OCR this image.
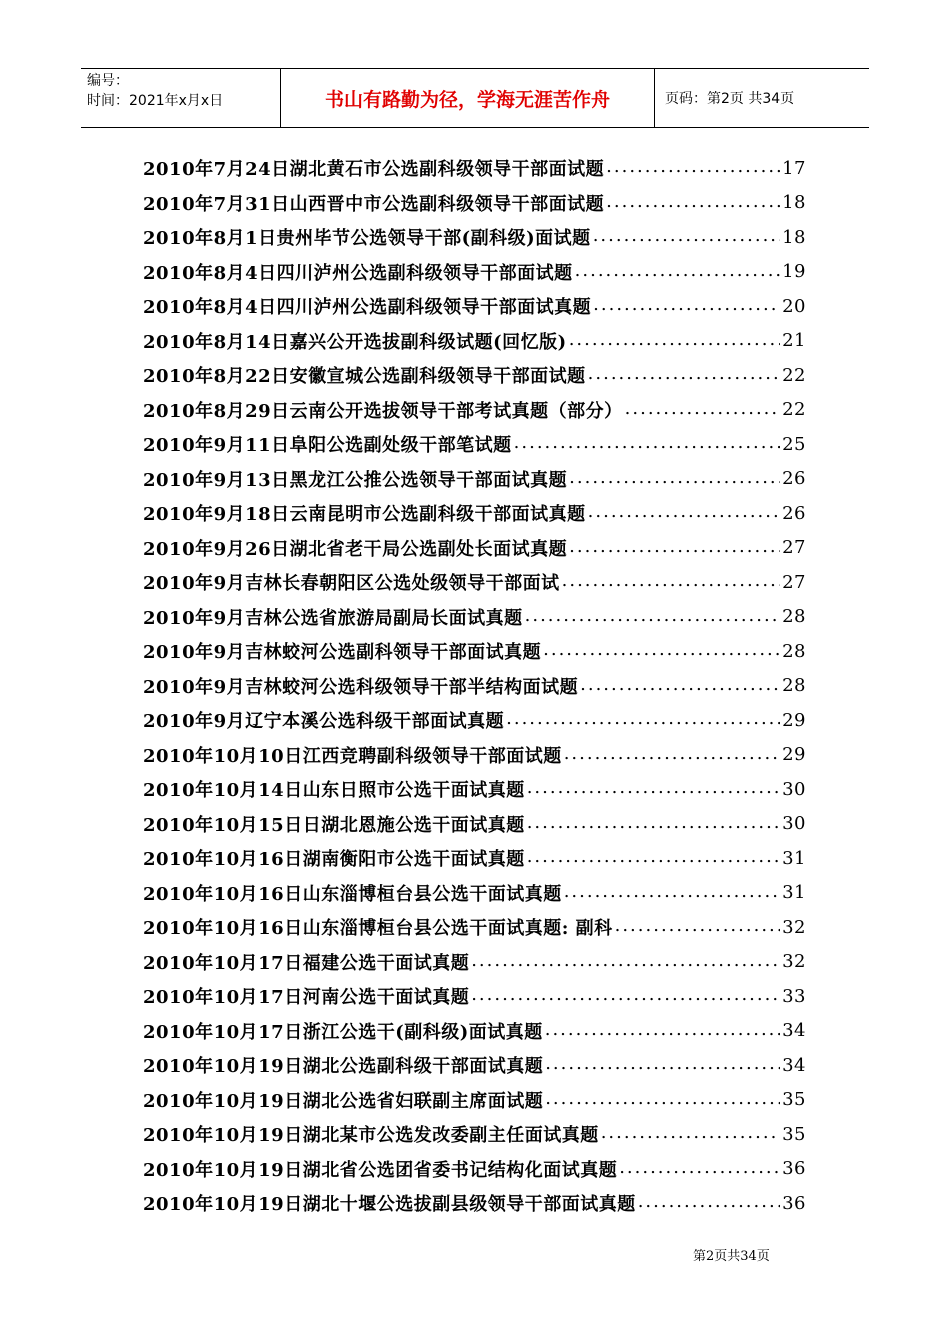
编号：
时间：2021年x月x日	书山有路勤为径，学海无涯苦作舟	页码：第2页 共34页
2010年7月24日湖北黄石市公选副科级领导干部面试题 .....	17
2010年7月31日山西晋中市公选副科级领导干部面试题 .....	18
2010年8月1日贵州毕节公选领导干部(副科级)面试题 .....	18
2010年8月4日四川泸州公选副科级领导干部面试题 .....	19
2010年8月4日四川泸州公选副科级领导干部面试真题 .....	20
2010年8月14日嘉兴公开选拔副科级试题(回忆版) .....	21
2010年8月22日安徽宣城公选副科级领导干部面试题 .....	22
2010年8月29日云南公开选拔领导干部考试真题（部分） .....	22
2010年9月11日阜阳公选副处级干部笔试题 .....	25
2010年9月13日黑龙江公推公选领导干部面试真题 .....	26
2010年9月18日云南昆明市公选副科级干部面试真题 .....	26
2010年9月26日湖北省老干局公选副处长面试真题 .....	27
2010年9月吉林长春朝阳区公选处级领导干部面试 .....	27
2010年9月吉林公选省旅游局副局长面试真题 .....	28
2010年9月吉林蛟河公选副科领导干部面试真题 .....	28
2010年9月吉林蛟河公选科级领导干部半结构面试题 .....	28
2010年9月辽宁本溪公选科级干部面试真题 .....	29
2010年10月10日江西竞聘副科级领导干部面试题 .....	29
2010年10月14日山东日照市公选干面试真题 .....	30
2010年10月15日日湖北恩施公选干面试真题 .....	30
2010年10月16日湖南衡阳市公选干面试真题 .....	31
2010年10月16日山东淄博桓台县公选干面试真题 .....	31
2010年10月16日山东淄博桓台县公选干面试真题: 副科 .....	32
2010年10月17日福建公选干面试真题 .....	32
2010年10月17日河南公选干面试真题 .....	33
2010年10月17日浙江公选干(副科级)面试真题 .....	34
2010年10月19日湖北公选副科级干部面试真题 .....	34
2010年10月19日湖北公选省妇联副主席面试题 .....	35
2010年10月19日湖北某市公选发改委副主任面试真题 .....	35
2010年10月19日湖北省公选团省委书记结构化面试真题 .....	36
2010年10月19日湖北十堰公选拔副县级领导干部面试真题 .....	36
第2页共34页
